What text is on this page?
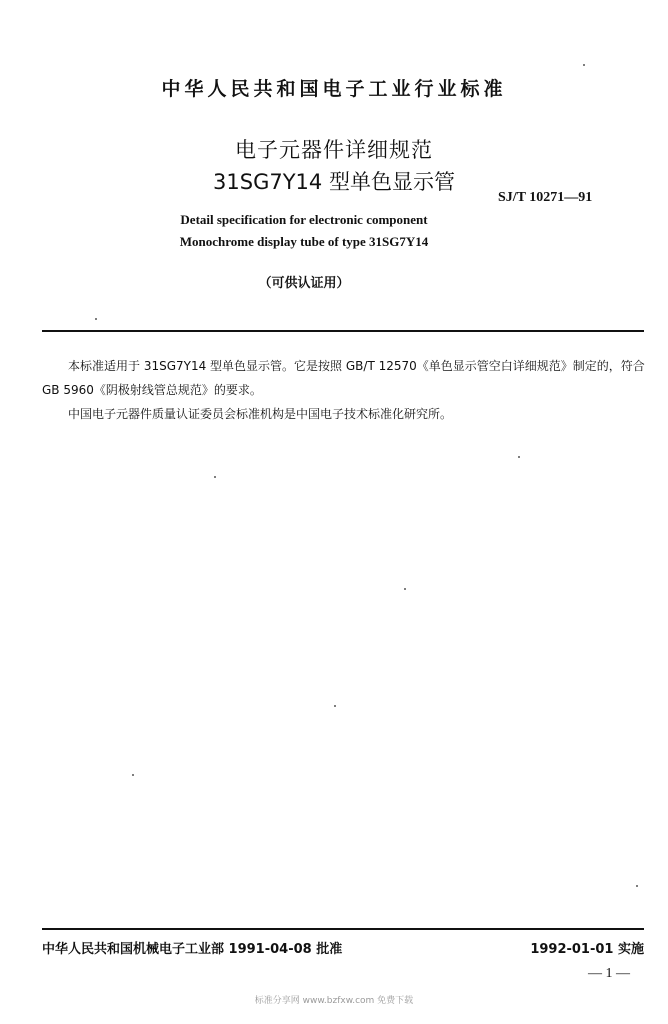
中华人民共和国电子工业行业标准
电子元器件详细规范
31SG7Y14 型单色显示管
SJ/T 10271—91
Detail specification for electronic component
Monochrome display tube of type 31SG7Y14
（可供认证用）

本标准适用于 31SG7Y14 型单色显示管。它是按照 GB/T 12570《单色显示管空白详细规范》制定的，符合 GB 5960《阴极射线管总规范》的要求。

中国电子元器件质量认证委员会标准机构是中国电子技术标准化研究所。

中华人民共和国机械电子工业部 1991-04-08 批准	1992-01-01 实施
— 1 —
标准分享网 www.bzfxw.com 免费下载
